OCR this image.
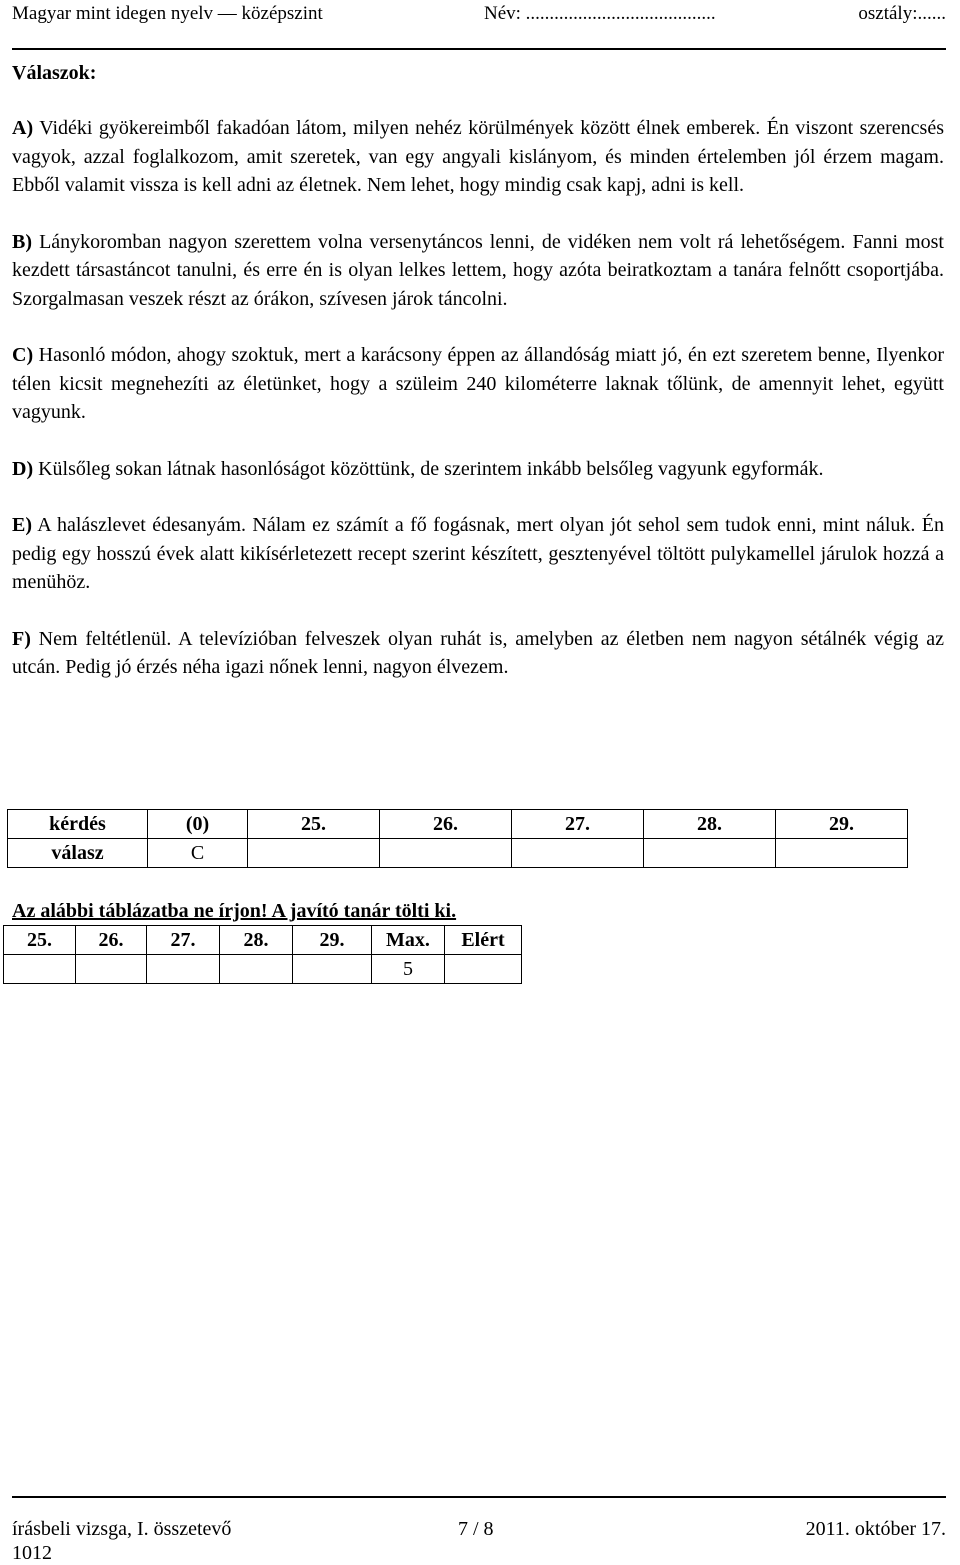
Magyar mint idegen nyelv — középszint	Név: ........................................	osztály:......
Válaszok:

A) Vidéki gyökereimből fakadóan látom, milyen nehéz körülmények között élnek emberek. Én viszont szerencsés vagyok, azzal foglalkozom, amit szeretek, van egy angyali kislányom, és minden értelemben jól érzem magam. Ebből valamit vissza is kell adni az életnek. Nem lehet, hogy mindig csak kapj, adni is kell.

B) Lánykoromban nagyon szerettem volna versenytáncos lenni, de vidéken nem volt rá lehetőségem. Fanni most kezdett társastáncot tanulni, és erre én is olyan lelkes lettem, hogy azóta beiratkoztam a tanára felnőtt csoportjába. Szorgalmasan veszek részt az órákon, szívesen járok táncolni.

C) Hasonló módon, ahogy szoktuk, mert a karácsony éppen az állandóság miatt jó, én ezt szeretem benne, Ilyenkor télen kicsit megnehezíti az életünket, hogy a szüleim 240 kilométerre laknak tőlünk, de amennyit lehet, együtt vagyunk.

D) Külsőleg sokan látnak hasonlóságot közöttünk, de szerintem inkább belsőleg vagyunk egyformák.

E) A halászlevet édesanyám. Nálam ez számít a fő fogásnak, mert olyan jót sehol sem tudok enni, mint náluk. Én pedig egy hosszú évek alatt kikísérletezett recept szerint készített, gesztenyével töltött pulykamellel járulok hozzá a menühöz.

F) Nem feltétlenül. A televízióban felveszek olyan ruhát is, amelyben az életben nem nagyon sétálnék végig az utcán. Pedig jó érzés néha igazi nőnek lenni, nagyon élvezem.

kérdés	(0)	25.	26.	27.	28.	29.
válasz	C					
Az alábbi táblázatba ne írjon! A javító tanár tölti ki.
25.	26.	27.	28.	29.	Max.	Elért
					5	
írásbeli vizsga, I. összetevő	7 / 8	2011. október 17.
1012
